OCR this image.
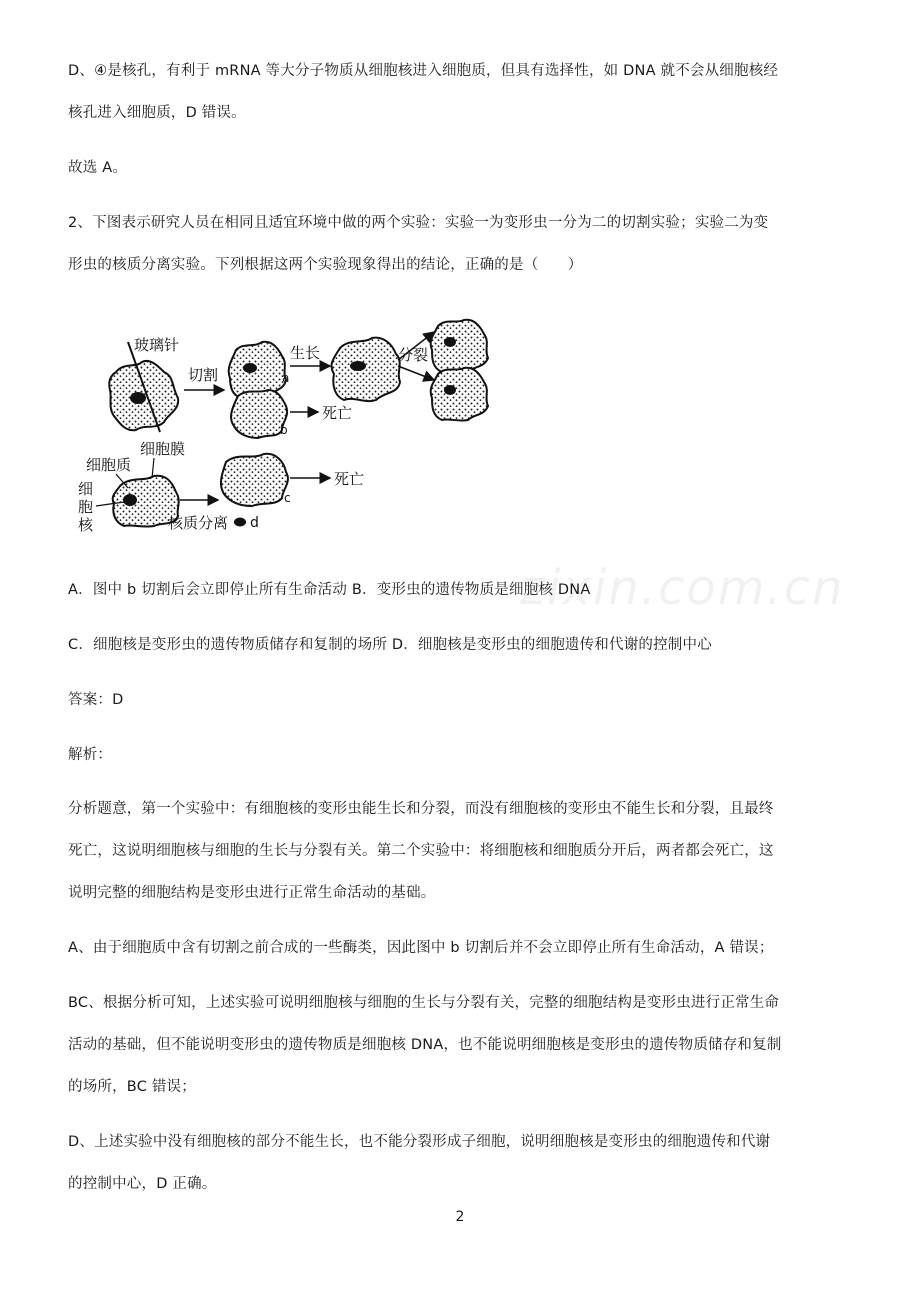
D、④是核孔，有利于 mRNA 等大分子物质从细胞核进入细胞质，但具有选择性，如 DNA 就不会从细胞核经
核孔进入细胞质，D 错误。
故选 A。
2、下图表示研究人员在相同且适宜环境中做的两个实验：实验一为变形虫一分为二的切割实验；实验二为变
形虫的核质分离实验。下列根据这两个实验现象得出的结论，正确的是（　　）
玻璃针
切割	a
生长	分裂
b
死亡
细胞质
细胞膜
细
胞
核
c
死亡
核质分离 d
A．图中 b 切割后会立即停止所有生命活动 B．变形虫的遗传物质是细胞核 DNA
C．细胞核是变形虫的遗传物质储存和复制的场所 D．细胞核是变形虫的细胞遗传和代谢的控制中心
答案：D
解析：
分析题意，第一个实验中：有细胞核的变形虫能生长和分裂，而没有细胞核的变形虫不能生长和分裂，且最终
死亡，这说明细胞核与细胞的生长与分裂有关。第二个实验中：将细胞核和细胞质分开后，两者都会死亡，这
说明完整的细胞结构是变形虫进行正常生命活动的基础。
A、由于细胞质中含有切割之前合成的一些酶类，因此图中 b 切割后并不会立即停止所有生命活动，A 错误；
BC、根据分析可知，上述实验可说明细胞核与细胞的生长与分裂有关，完整的细胞结构是变形虫进行正常生命
活动的基础，但不能说明变形虫的遗传物质是细胞核 DNA，也不能说明细胞核是变形虫的遗传物质储存和复制
的场所，BC 错误；
D、上述实验中没有细胞核的部分不能生长，也不能分裂形成子细胞，说明细胞核是变形虫的细胞遗传和代谢
的控制中心，D 正确。
zixin.com.cn
2
